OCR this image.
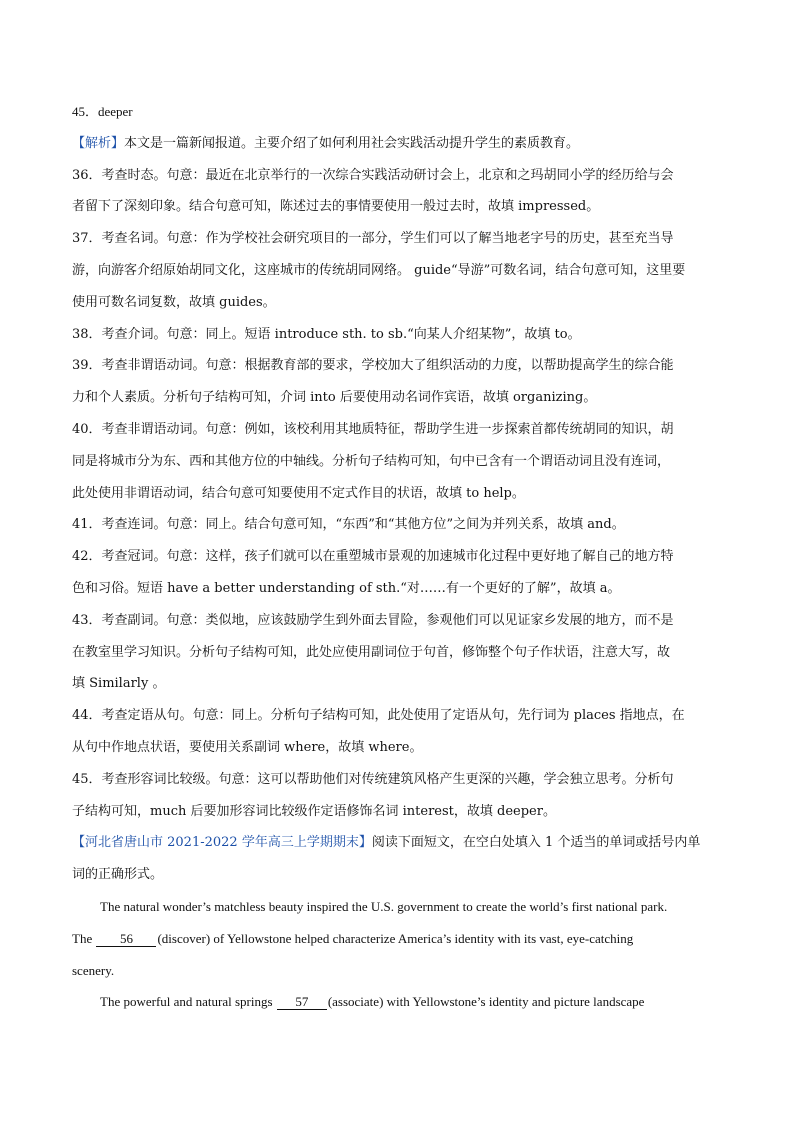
45．deeper
【解析】本文是一篇新闻报道。主要介绍了如何利用社会实践活动提升学生的素质教育。
36．考查时态。句意：最近在北京举行的一次综合实践活动研讨会上，北京和之玛胡同小学的经历给与会
者留下了深刻印象。结合句意可知，陈述过去的事情要使用一般过去时，故填 impressed。
37．考查名词。句意：作为学校社会研究项目的一部分，学生们可以了解当地老字号的历史，甚至充当导
游，向游客介绍原始胡同文化，这座城市的传统胡同网络。 guide“导游”可数名词，结合句意可知，这里要
使用可数名词复数，故填 guides。
38．考查介词。句意：同上。短语 introduce sth. to sb.“向某人介绍某物”，故填 to。
39．考查非谓语动词。句意：根据教育部的要求，学校加大了组织活动的力度，以帮助提高学生的综合能
力和个人素质。分析句子结构可知，介词 into 后要使用动名词作宾语，故填 organizing。
40．考查非谓语动词。句意：例如，该校利用其地质特征，帮助学生进一步探索首都传统胡同的知识，胡
同是将城市分为东、西和其他方位的中轴线。分析句子结构可知，句中已含有一个谓语动词且没有连词，
此处使用非谓语动词，结合句意可知要使用不定式作目的状语，故填 to help。
41．考查连词。句意：同上。结合句意可知，“东西”和“其他方位”之间为并列关系，故填 and。
42．考查冠词。句意：这样，孩子们就可以在重塑城市景观的加速城市化过程中更好地了解自己的地方特
色和习俗。短语 have a better understanding of sth.“对……有一个更好的了解”，故填 a。
43．考查副词。句意：类似地，应该鼓励学生到外面去冒险，参观他们可以见证家乡发展的地方，而不是
在教室里学习知识。分析句子结构可知，此处应使用副词位于句首，修饰整个句子作状语，注意大写，故
填 Similarly 。
44．考查定语从句。句意：同上。分析句子结构可知，此处使用了定语从句，先行词为 places 指地点，在
从句中作地点状语，要使用关系副词 where，故填 where。
45．考查形容词比较级。句意：这可以帮助他们对传统建筑风格产生更深的兴趣，学会独立思考。分析句
子结构可知，much 后要加形容词比较级作定语修饰名词 interest，故填 deeper。
【河北省唐山市 2021-2022 学年高三上学期期末】阅读下面短文，在空白处填入 1 个适当的单词或括号内单
词的正确形式。
The natural wonder’s matchless beauty inspired the U.S. government to create the world’s first national park.
The 56 (discover) of Yellowstone helped characterize America’s identity with its vast, eye-catching
scenery.
The powerful and natural springs 57 (associate) with Yellowstone’s identity and picture landscape
